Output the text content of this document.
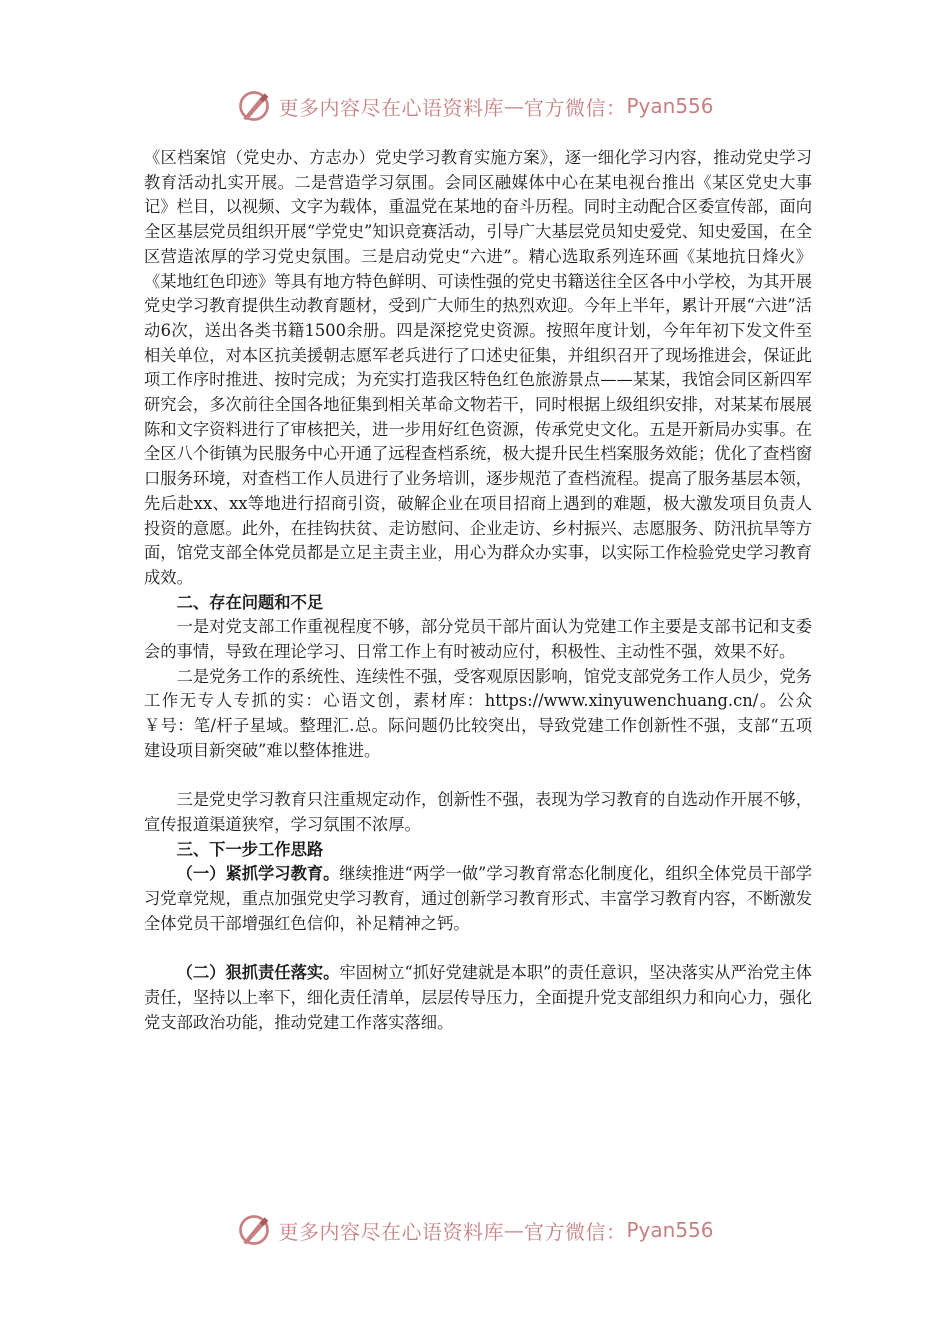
更多内容尽在心语资料库 — 官方微信： Pyan556

《区档案馆（党史办、方志办）党史学习教育实施方案》，逐一细化学习内容，推动党史学习教育活动扎实开展。二是营造学习氛围。会同区融媒体中心在某电视台推出《某区党史大事记》栏目，以视频、文字为载体，重温党在某地的奋斗历程。同时主动配合区委宣传部，面向全区基层党员组织开展“学党史”知识竞赛活动，引导广大基层党员知史爱党、知史爱国，在全区营造浓厚的学习党史氛围。三是启动党史“六进”。精心选取系列连环画《某地抗日烽火》《某地红色印迹》等具有地方特色鲜明、可读性强的党史书籍送往全区各中小学校，为其开展党史学习教育提供生动教育题材，受到广大师生的热烈欢迎。今年上半年，累计开展“六进”活动6次，送出各类书籍1500余册。四是深挖党史资源。按照年度计划，今年年初下发文件至相关单位，对本区抗美援朝志愿军老兵进行了口述史征集，并组织召开了现场推进会，保证此项工作序时推进、按时完成；为充实打造我区特色红色旅游景点——某某，我馆会同区新四军研究会，多次前往全国各地征集到相关革命文物若干，同时根据上级组织安排，对某某布展展陈和文字资料进行了审核把关，进一步用好红色资源，传承党史文化。五是开新局办实事。在全区八个街镇为民服务中心开通了远程查档系统，极大提升民生档案服务效能；优化了查档窗口服务环境，对查档工作人员进行了业务培训，逐步规范了查档流程。提高了服务基层本领，先后赴xx、xx等地进行招商引资，破解企业在项目招商上遇到的难题，极大激发项目负责人投资的意愿。此外，在挂钩扶贫、走访慰问、企业走访、乡村振兴、志愿服务、防汛抗旱等方面，馆党支部全体党员都是立足主责主业，用心为群众办实事，以实际工作检验党史学习教育成效。

二、存在问题和不足

一是对党支部工作重视程度不够，部分党员干部片面认为党建工作主要是支部书记和支委会的事情，导致在理论学习、日常工作上有时被动应付，积极性、主动性不强，效果不好。

二是党务工作的系统性、连续性不强，受客观原因影响，馆党支部党务工作人员少，党务工作无专人专抓的实：心语文创，素材库：https://www.xinyuwenchuang.cn/。公众￥号：笔/杆子星域。整理汇.总。际问题仍比较突出，导致党建工作创新性不强，支部“五项建设项目新突破”难以整体推进。

三是党史学习教育只注重规定动作，创新性不强，表现为学习教育的自选动作开展不够，宣传报道渠道狭窄，学习氛围不浓厚。

三、下一步工作思路

（一）紧抓学习教育。继续推进“两学一做”学习教育常态化制度化，组织全体党员干部学习党章党规，重点加强党史学习教育，通过创新学习教育形式、丰富学习教育内容，不断激发全体党员干部增强红色信仰，补足精神之钙。

（二）狠抓责任落实。牢固树立“抓好党建就是本职”的责任意识，坚决落实从严治党主体责任，坚持以上率下，细化责任清单，层层传导压力，全面提升党支部组织力和向心力，强化党支部政治功能，推动党建工作落实落细。

更多内容尽在心语资料库 — 官方微信： Pyan556
